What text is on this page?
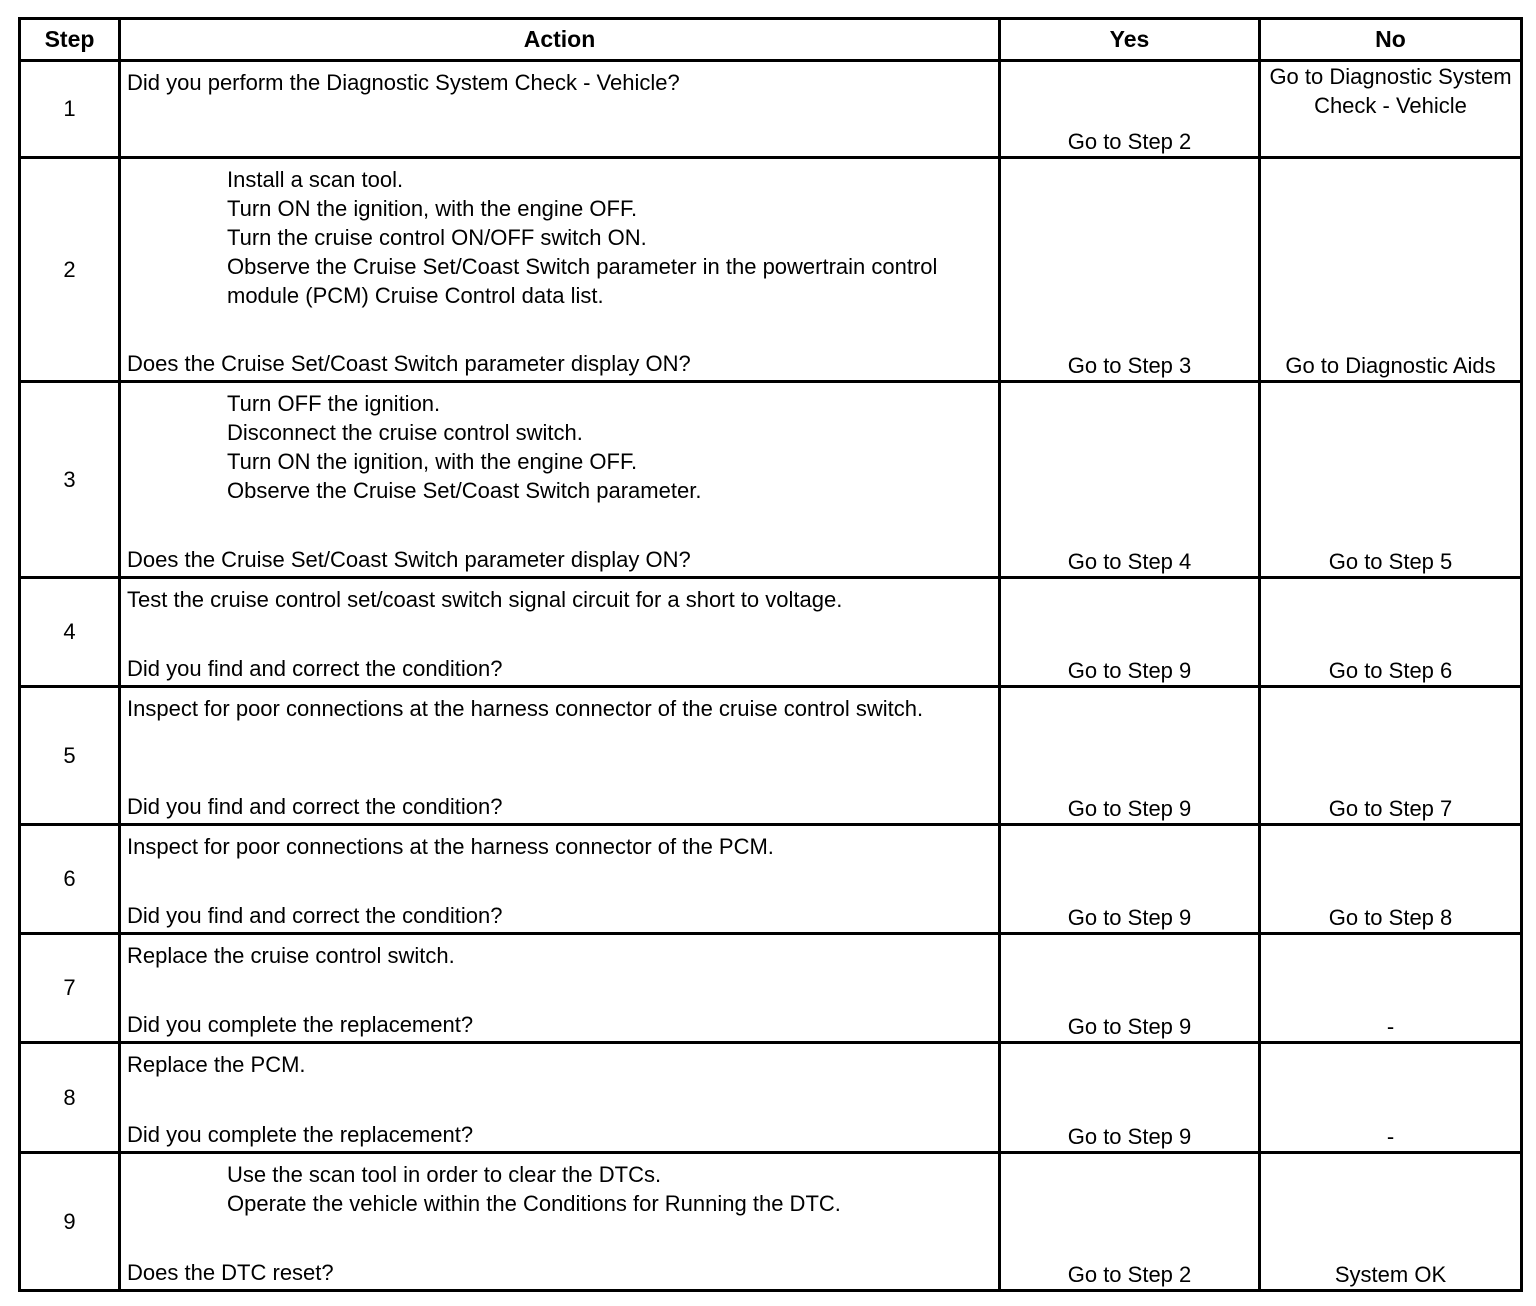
Step	Action	Yes	No
1	Did you perform the Diagnostic System Check - Vehicle?	Go to Step 2	Go to Diagnostic System Check - Vehicle
2	Install a scan tool.
Turn ON the ignition, with the engine OFF.
Turn the cruise control ON/OFF switch ON.
Observe the Cruise Set/Coast Switch parameter in the powertrain control module (PCM) Cruise Control data list.
Does the Cruise Set/Coast Switch parameter display ON?	Go to Step 3	Go to Diagnostic Aids
3	Turn OFF the ignition.
Disconnect the cruise control switch.
Turn ON the ignition, with the engine OFF.
Observe the Cruise Set/Coast Switch parameter.
Does the Cruise Set/Coast Switch parameter display ON?	Go to Step 4	Go to Step 5
4	Test the cruise control set/coast switch signal circuit for a short to voltage.
Did you find and correct the condition?	Go to Step 9	Go to Step 6
5	Inspect for poor connections at the harness connector of the cruise control switch.
Did you find and correct the condition?	Go to Step 9	Go to Step 7
6	Inspect for poor connections at the harness connector of the PCM.
Did you find and correct the condition?	Go to Step 9	Go to Step 8
7	Replace the cruise control switch.
Did you complete the replacement?	Go to Step 9	-
8	Replace the PCM.
Did you complete the replacement?	Go to Step 9	-
9	Use the scan tool in order to clear the DTCs.
Operate the vehicle within the Conditions for Running the DTC.
Does the DTC reset?	Go to Step 2	System OK
